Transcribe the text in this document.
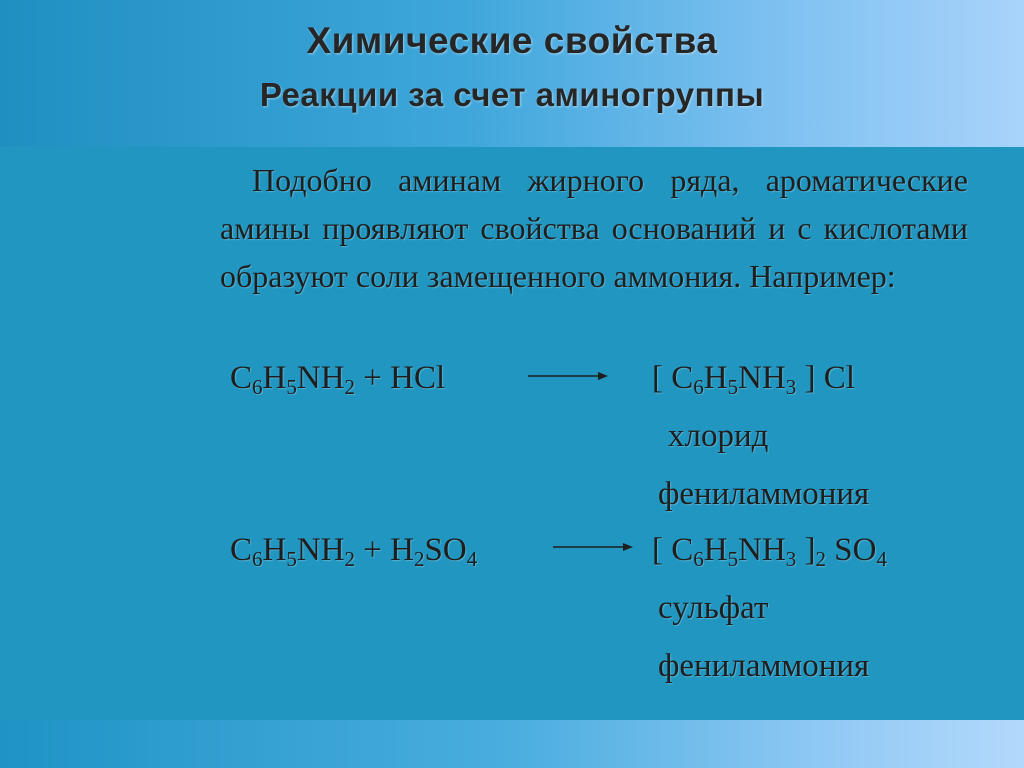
Химические свойства
Реакции за счет аминогруппы

Подобно аминам жирного ряда, ароматические амины проявляют свойства оснований и с кислотами образуют соли замещенного аммония. Например:

$C_6H_5NH_2$ + HCl	→ [ $C_6H_5NH_3$ ] Cl
хлорид
фениламмония
$C_6H_5NH_2 + H_2SO_4$ → [ $C_6H_5NH_3$ ]$_2$ $SO_4$
сульфат
фениламмония
